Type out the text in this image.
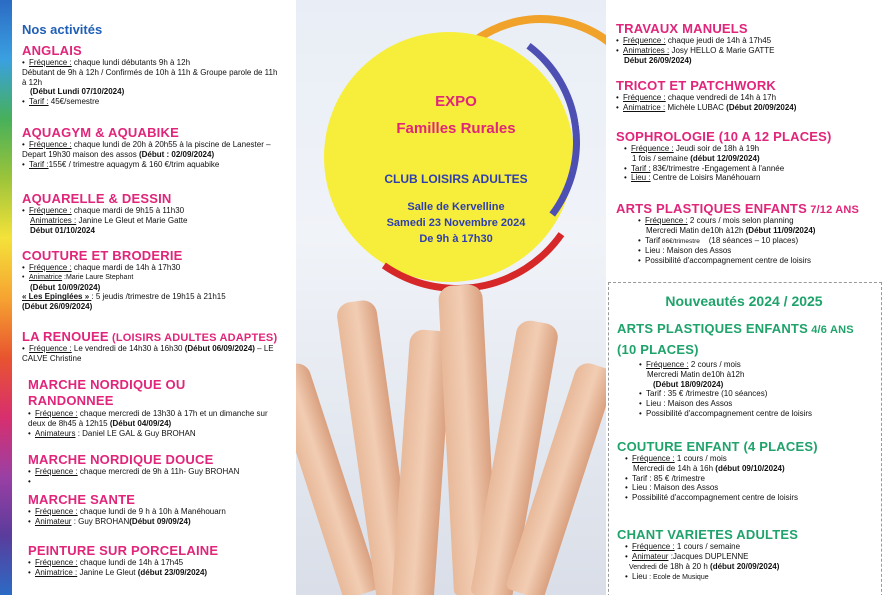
Nos activités
ANGLAIS
• Fréquence : chaque lundi débutants 9h à 12h
Débutant de 9h à 12h / Confirmés de 10h à 11h & Groupe parole de 11h à 12h
(Début Lundi 07/10/2024)
• Tarif : 45€/semestre
AQUAGYM & AQUABIKE
• Fréquence : chaque lundi de 20h à 20h55 à la piscine de Lanester – Depart 19h30 maison des assos (Début : 02/09/2024)
• Tarif :155€ / trimestre aquagym & 160 €/trim aquabike
AQUARELLE & DESSIN
• Fréquence : chaque mardi de 9h15 à 11h30
Animatrices : Janine Le Gleut et Marie Gatte
Début 01/10/2024
COUTURE ET BRODERIE
• Fréquence : chaque mardi de 14h à 17h30
• Animatrice :Marie Laure Stephant
(Début 10/09/2024)
« Les Epinglées » : 5 jeudis /trimestre de 19h15 à 21h15
(Début 26/09/2024)
LA RENOUEE (LOISIRS ADULTES ADAPTES)
• Fréquence : Le vendredi de 14h30 à 16h30 (Début 06/09/2024) – LE CALVE Christine
MARCHE NORDIQUE OU RANDONNEE
• Fréquence : chaque mercredi de 13h30 à 17h et un dimanche sur deux de 8h45 à 12h15 (Début 04/09/24)
• Animateurs : Daniel LE GAL & Guy BROHAN
MARCHE NORDIQUE DOUCE
• Fréquence : chaque mercredi de 9h à 11h- Guy BROHAN
•
MARCHE SANTE
• Fréquence : chaque lundi de 9 h à 10h à Manéhouarn
• Animateur : Guy BROHAN(Début 09/09/24)
PEINTURE SUR PORCELAINE
• Fréquence : chaque lundi de 14h à 17h45
• Animatrice : Janine Le Gleut (début 23/09/2024)
EXPO
Familles Rurales
CLUB LOISIRS ADULTES
Salle de Kervelline
Samedi 23 Novembre 2024
De 9h à 17h30
TRAVAUX MANUELS
• Fréquence : chaque jeudi de 14h à 17h45
• Animatrices : Josy HELLO & Marie GATTE
Début 26/09/2024)
TRICOT ET PATCHWORK
• Fréquence : chaque vendredi de 14h à 17h
• Animatrice : Michèle LUBAC (Début 20/09/2024)
SOPHROLOGIE (10 A 12 PLACES)
• Fréquence : Jeudi soir de 18h à 19h
1 fois / semaine (début 12/09/2024)
• Tarif : 83€/trimestre -Engagement à l'année
• Lieu : Centre de Loisirs Manéhouarn
ARTS PLASTIQUES ENFANTS 7/12 ANS
• Fréquence : 2 cours / mois selon planning
Mercredi Matin de10h à12h (Début 11/09/2024)
• Tarif 86€/trimestre (18 séances – 10 places)
• Lieu : Maison des Assos
• Possibilité d'accompagnement centre de loisirs
Nouveautés 2024 / 2025
ARTS PLASTIQUES ENFANTS 4/6 ANS
(10 PLACES)
• Fréquence : 2 cours / mois
Mercredi Matin de10h à12h
(Début 18/09/2024)
• Tarif : 35 € /trimestre (10 séances)
• Lieu : Maison des Assos
• Possibilité d'accompagnement centre de loisirs
COUTURE ENFANT (4 PLACES)
• Fréquence : 1 cours / mois
Mercredi de 14h à 16h (début 09/10/2024)
• Tarif : 85 € /trimestre
• Lieu : Maison des Assos
• Possibilité d'accompagnement centre de loisirs
CHANT VARIETES ADULTES
• Fréquence : 1 cours / semaine
• Animateur :Jacques DUPLENNE
Vendredi de 18h à 20 h (début 20/09/2024)
• Lieu : Ecole de Musique
